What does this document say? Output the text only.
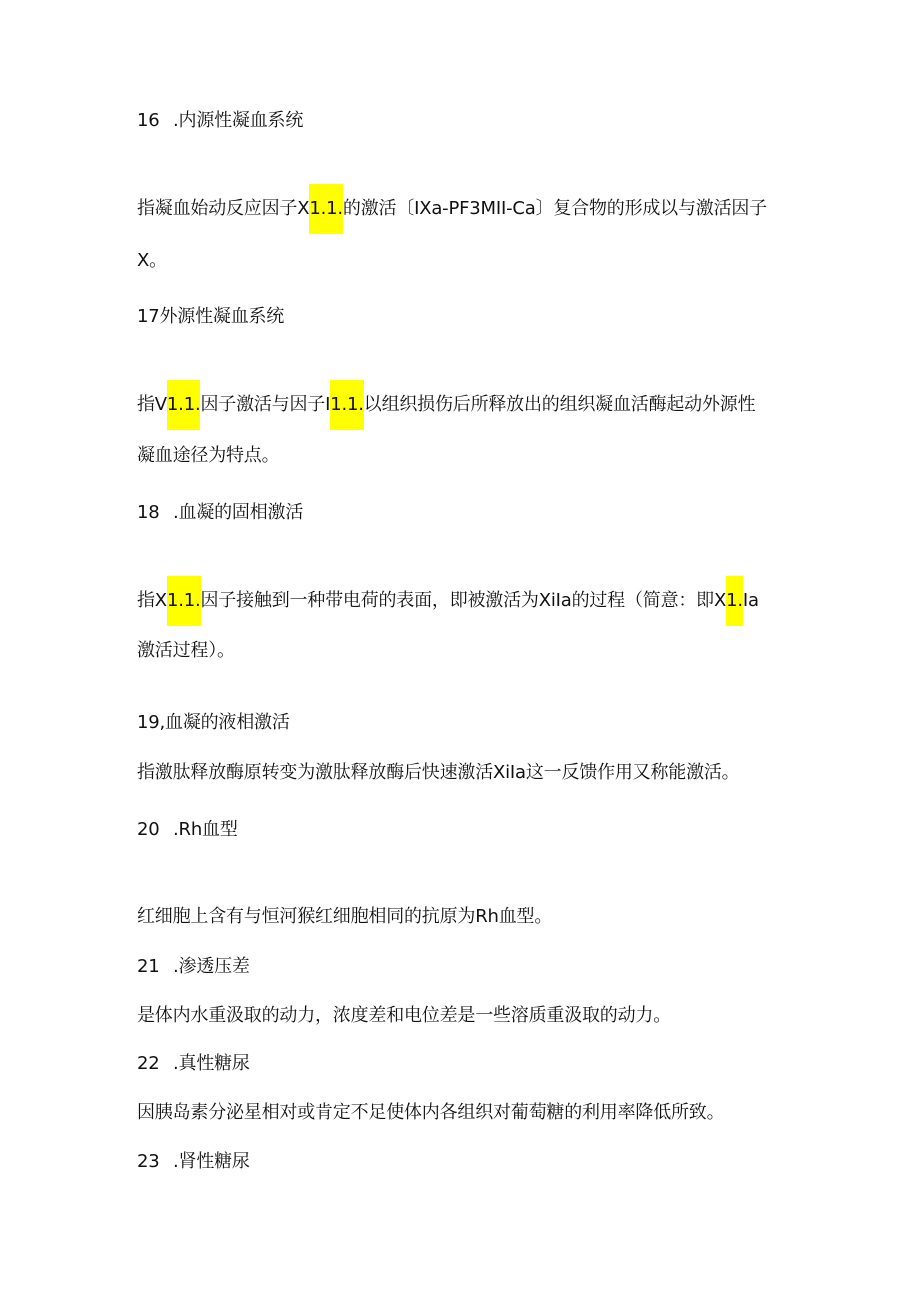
16 .内源性凝血系统
指凝血始动反应因子X1.1.的激活〔IXa-PF3MII-Ca〕复合物的形成以与激活因子
X。
17外源性凝血系统
指V1.1.因子激活与因子I1.1.以组织损伤后所释放出的组织凝血活酶起动外源性
凝血途径为特点。
18 .血凝的固相激活
指X1.1.因子接触到一种带电荷的表面，即被激活为XiIa的过程（简意：即X1.Ia
激活过程）。
19,血凝的液相激活
指激肽释放酶原转变为激肽释放酶后快速激活XiIa这一反馈作用又称能激活。
20 .Rh血型
红细胞上含有与恒河猴红细胞相同的抗原为Rh血型。
21 .渗透压差
是体内水重汲取的动力，浓度差和电位差是一些溶质重汲取的动力。
22 .真性糖尿
因胰岛素分泌星相对或肯定不足使体内各组织对葡萄糖的利用率降低所致。
23 .肾性糖尿
